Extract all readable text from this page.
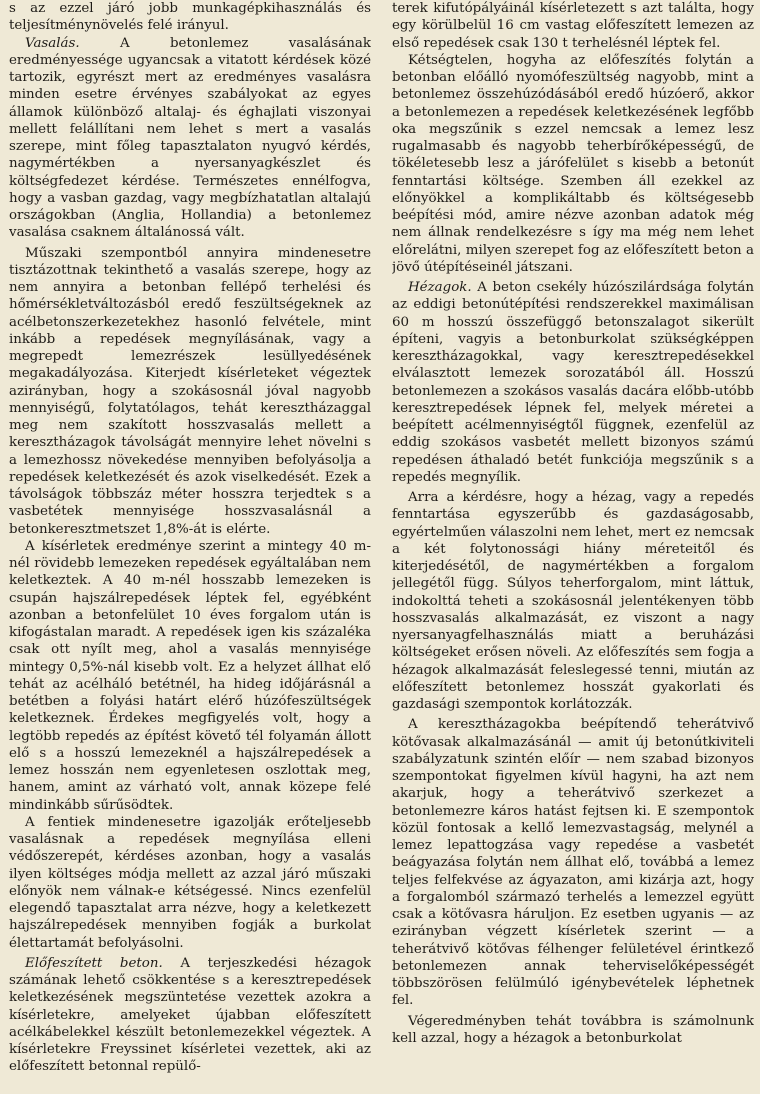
s az ezzel járó jobb munkagépkihasználás és teljesítménynövelés felé irányul.

Vasalás. A betonlemez vasalásának eredményessége ugyancsak a vitatott kérdések közé tartozik, egyrészt mert az eredményes vasalásra minden esetre érvényes szabályokat az egyes államok különböző altalaj- és éghajlati viszonyai mellett felállítani nem lehet s mert a vasalás szerepe, mint főleg tapasztalaton nyugvó kérdés, nagymértékben a nyersanyagkészlet és költségfedezet kérdése. Természetes ennélfogva, hogy a vasban gazdag, vagy megbízhatatlan altalajú országokban (Anglia, Hollandia) a betonlemez vasalása csaknem általánossá vált.

Műszaki szempontból annyira mindenesetre tisztázottnak tekinthető a vasalás szerepe, hogy az nem annyira a betonban fellépő terhelési és hőmérsékletváltozásból eredő feszültségeknek az acélbetonszerkezetekhez hasonló felvétele, mint inkább a repedések megnyílásának, vagy a megrepedt lemezrészek lesüllyedésének megakadályozása. Kiterjedt kísérleteket végeztek azirányban, hogy a szokásosnál jóval nagyobb mennyiségű, folytatólagos, tehát keresztházaggal meg nem szakított hosszvasalás mellett a keresztházagok távolságát mennyire lehet növelni s a lemezhossz növekedése mennyiben befolyásolja a repedések keletkezését és azok viselkedését. Ezek a távolságok többszáz méter hosszra terjedtek s a vasbetétek mennyisége hosszvasalásnál a betonkeresztmetszet 1,8%-át is elérte.

A kísérletek eredménye szerint a mintegy 40 m-nél rövidebb lemezeken repedések egyáltalában nem keletkeztek. A 40 m-nél hosszabb lemezeken is csupán hajszálrepedések léptek fel, egyébként azonban a betonfelület 10 éves forgalom után is kifogástalan maradt. A repedések igen kis százaléka csak ott nyílt meg, ahol a vasalás mennyisége mintegy 0,5%-nál kisebb volt. Ez a helyzet állhat elő tehát az acélháló betétnél, ha hideg időjárásnál a betétben a folyási határt elérő húzófeszültségek keletkeznek. Érdekes megfigyelés volt, hogy a legtöbb repedés az építést követő tél folyamán állott elő s a hosszú lemezeknél a hajszálrepedések a lemez hosszán nem egyenletesen oszlottak meg, hanem, amint az várható volt, annak közepe felé mindinkább sűrűsödtek.

A fentiek mindenesetre igazolják erőteljesebb vasalásnak a repedések megnyílása elleni védőszerepét, kérdéses azonban, hogy a vasalás ilyen költséges módja mellett az azzal járó műszaki előnyök nem válnak-e kétségessé. Nincs ezenfelül elegendő tapasztalat arra nézve, hogy a keletkezett hajszálrepedések mennyiben fogják a burkolat élettartamát befolyásolni.

Előfeszített beton. A terjeszkedési hézagok számának lehető csökkentése s a keresztrepedések keletkezésének megszüntetése vezettek azokra a kísérletekre, amelyeket újabban előfeszített acélkábelekkel készült betonlemezekkel végeztek. A kísérletekre Freyssinet kísérletei vezettek, aki az előfeszített betonnal repülő-

terek kifutópályáinál kísérletezett s azt találta, hogy egy körülbelül 16 cm vastag előfeszített lemezen az első repedések csak 130 t terhelésnél léptek fel.

Kétségtelen, hogyha az előfeszítés folytán a betonban előálló nyomófeszültség nagyobb, mint a betonlemez összehúzódásából eredő húzóerő, akkor a betonlemezen a repedések keletkezésének legfőbb oka megszűnik s ezzel nemcsak a lemez lesz rugalmasabb és nagyobb teherbírőképességű, de tökéletesebb lesz a járófelület s kisebb a betonút fenntartási költsége. Szemben áll ezekkel az előnyökkel a komplikáltabb és költségesebb beépítési mód, amire nézve azonban adatok még nem állnak rendelkezésre s így ma még nem lehet előrelátni, milyen szerepet fog az előfeszített beton a jövő útépítéseinél játszani.

Hézagok. A beton csekély húzószilárdsága folytán az eddigi betonútépítési rendszerekkel maximálisan 60 m hosszú összefüggő betonszalagot sikerült építeni, vagyis a betonburkolat szükségképpen keresztházagokkal, vagy keresztrepedésekkel elválasztott lemezek sorozatából áll. Hosszú betonlemezen a szokásos vasalás dacára előbb-utóbb keresztrepedések lépnek fel, melyek méretei a beépített acélmennyiségtől függnek, ezenfelül az eddig szokásos vasbetét mellett bizonyos számú repedésen áthaladó betét funkciója megszűnik s a repedés megnyílik.

Arra a kérdésre, hogy a hézag, vagy a repedés fenntartása egyszerűbb és gazdaságosabb, egyértelműen válaszolni nem lehet, mert ez nemcsak a két folytonossági hiány méreteitől és kiterjedésétől, de nagymértékben a forgalom jellegétől függ. Súlyos teherforgalom, mint láttuk, indokolttá teheti a szokásosnál jelentékenyen több hosszvasalás alkalmazását, ez viszont a nagy nyersanyagfelhasználás miatt a beruházási költségeket erősen növeli. Az előfeszítés sem fogja a hézagok alkalmazását feleslegessé tenni, miután az előfeszített betonlemez hosszát gyakorlati és gazdasági szempontok korlátozzák.

A keresztházagokba beépítendő teherátvivő kötővasak alkalmazásánál — amit új betonútkiviteli szabályzatunk szintén előír — nem szabad bizonyos szempontokat figyelmen kívül hagyni, ha azt nem akarjuk, hogy a teherátvivő szerkezet a betonlemezre káros hatást fejtsen ki. E szempontok közül fontosak a kellő lemezvastagság, melynél a lemez lepattogzása vagy repedése a vasbetét beágyazása folytán nem állhat elő, továbbá a lemez teljes felfekvése az ágyazaton, ami kizárja azt, hogy a forgalomból származó terhelés a lemezzel együtt csak a kötővasra háruljon. Ez esetben ugyanis — az ezirányban végzett kísérletek szerint — a teherátvivő kötővas félhenger felületével érintkező betonlemezen annak teherviselőképességét többszörösen felülmúló igénybevételek léphetnek fel.

Végeredményben tehát továbbra is számolnunk kell azzal, hogy a hézagok a betonburkolat
